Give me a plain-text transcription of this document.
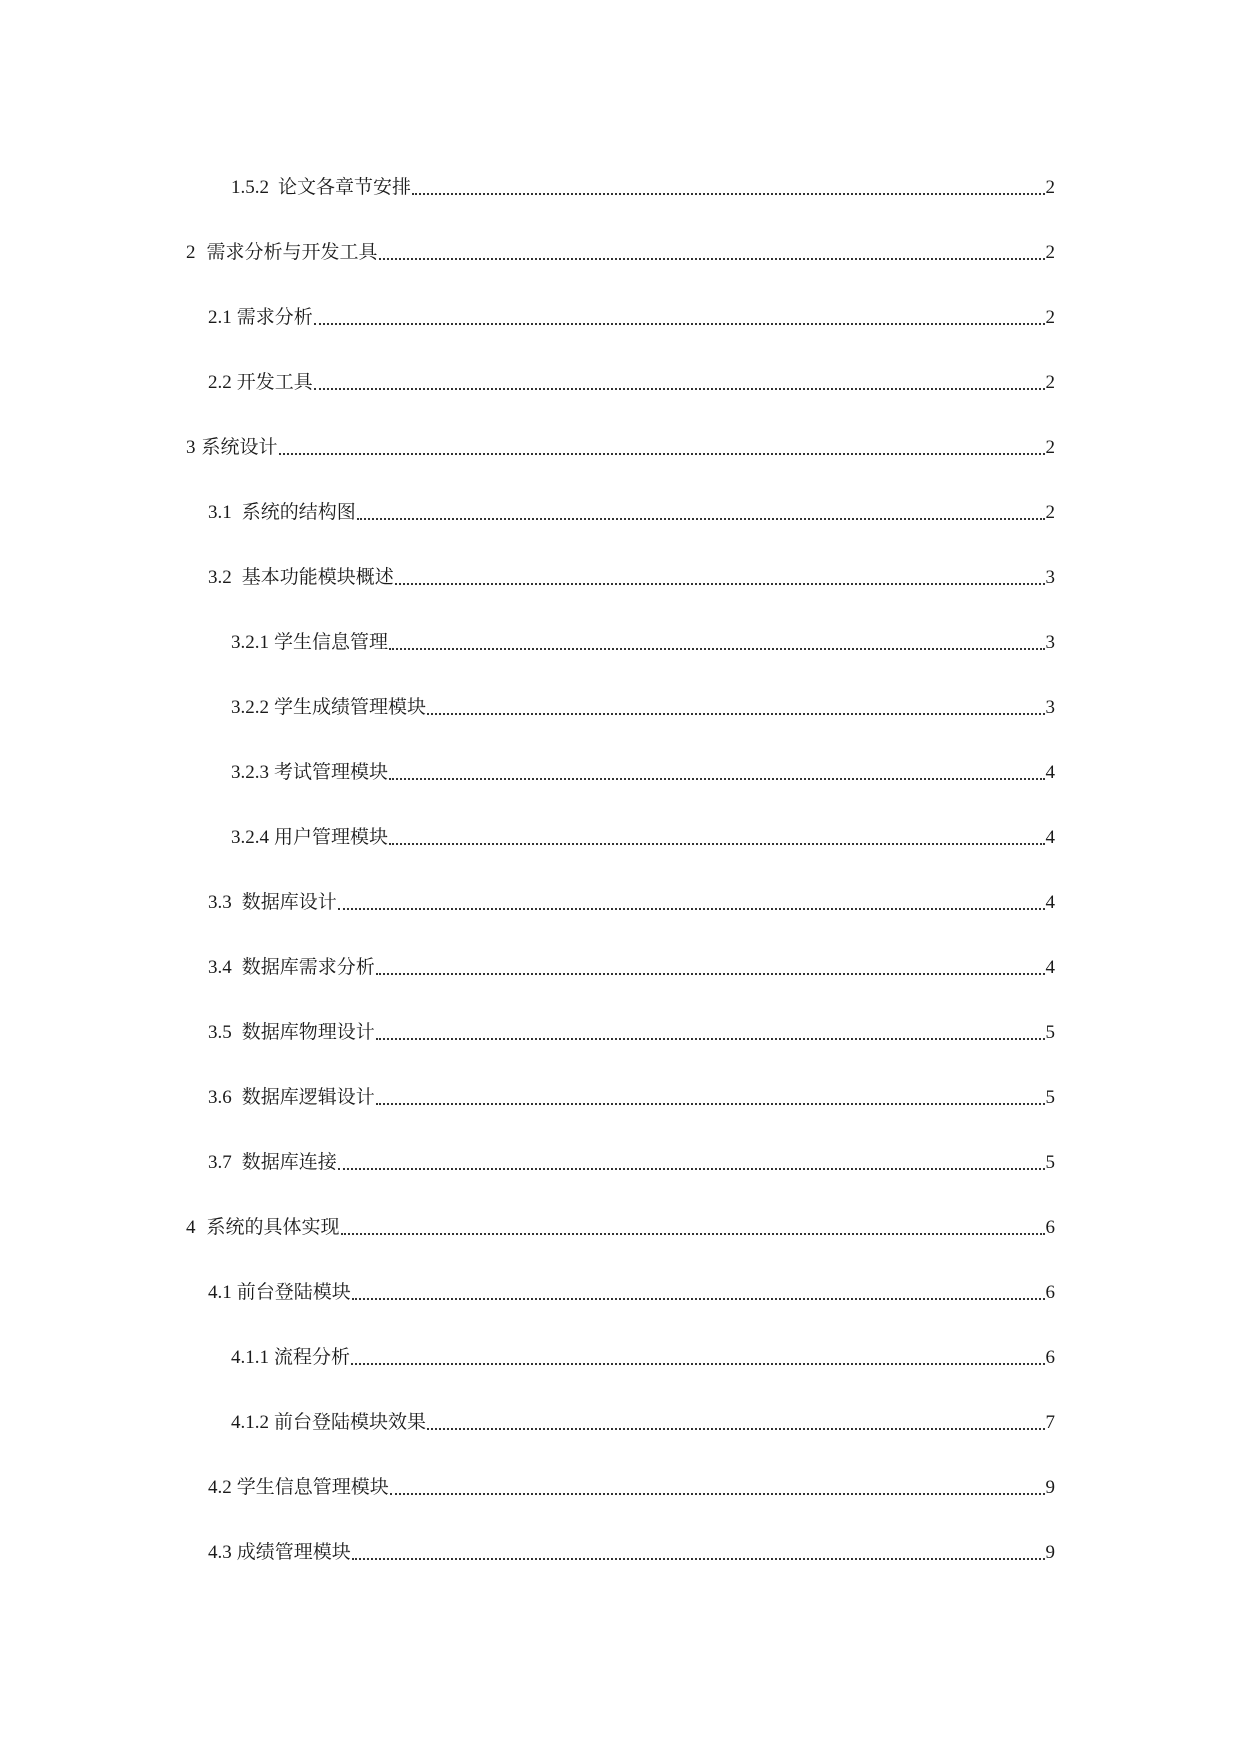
1.5.2 论文各章节安排	2
2 需求分析与开发工具	2
2.1 需求分析	2
2.2 开发工具	2
3 系统设计	2
3.1 系统的结构图	2
3.2 基本功能模块概述	3
3.2.1 学生信息管理	3
3.2.2 学生成绩管理模块	3
3.2.3 考试管理模块	4
3.2.4 用户管理模块	4
3.3 数据库设计	4
3.4 数据库需求分析	4
3.5 数据库物理设计	5
3.6 数据库逻辑设计	5
3.7 数据库连接	5
4 系统的具体实现	6
4.1 前台登陆模块	6
4.1.1 流程分析	6
4.1.2 前台登陆模块效果	7
4.2 学生信息管理模块	9
4.3 成绩管理模块	9
